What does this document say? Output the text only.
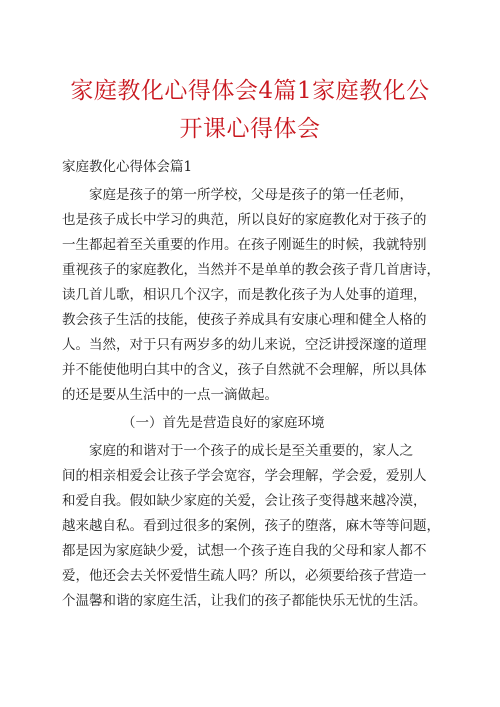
家庭教化心得体会4篇1家庭教化公
开课心得体会
家庭教化心得体会篇1
家庭是孩子的第一所学校，父母是孩子的第一任老师，
也是孩子成长中学习的典范，所以良好的家庭教化对于孩子的
一生都起着至关重要的作用。在孩子刚诞生的时候，我就特别
重视孩子的家庭教化，当然并不是单单的教会孩子背几首唐诗，
读几首儿歌，相识几个汉字，而是教化孩子为人处事的道理，
教会孩子生活的技能，使孩子养成具有安康心理和健全人格的
人。当然，对于只有两岁多的幼儿来说，空泛讲授深邃的道理
并不能使他明白其中的含义，孩子自然就不会理解，所以具体
的还是要从生活中的一点一滴做起。
（一）首先是营造良好的家庭环境
家庭的和谐对于一个孩子的成长是至关重要的，家人之
间的相亲相爱会让孩子学会宽容，学会理解，学会爱，爱别人
和爱自我。假如缺少家庭的关爱，会让孩子变得越来越冷漠，
越来越自私。看到过很多的案例，孩子的堕落，麻木等等问题，
都是因为家庭缺少爱，试想一个孩子连自我的父母和家人都不
爱，他还会去关怀爱惜生疏人吗？所以，必须要给孩子营造一
个温馨和谐的家庭生活，让我们的孩子都能快乐无忧的生活。
